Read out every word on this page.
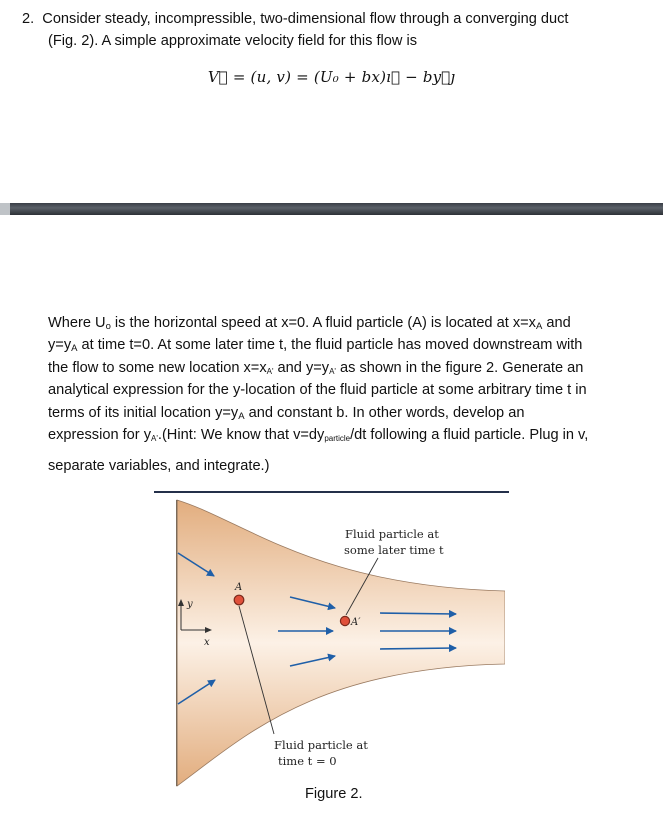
2. Consider steady, incompressible, two-dimensional flow through a converging duct
(Fig. 2). A simple approximate velocity field for this flow is
V⃗ = (u, v) = (U₀ + bx)ı⃗ − by⃗ȷ
Where $U_o$ is the horizontal speed at x=0. A fluid particle (A) is located at $x=x_A$ and
$y=y_A$ at time t=0. At some later time t, the fluid particle has moved downstream with
the flow to some new location $x=x_{A'}$ and $y=y_{A'}$ as shown in the figure 2. Generate an
analytical expression for the y-location of the fluid particle at some arbitrary time t in
terms of its initial location $y=y_A$ and constant b. In other words, develop an
expression for $y_{A'}.(Hint$: We know that $v=dy_{particle}/dt$ following a fluid particle. Plug in v,
separate variables, and integrate.)
y
x
A
A′
Fluid particle at
some later time t
Fluid particle at
time t = 0
Figure 2.
